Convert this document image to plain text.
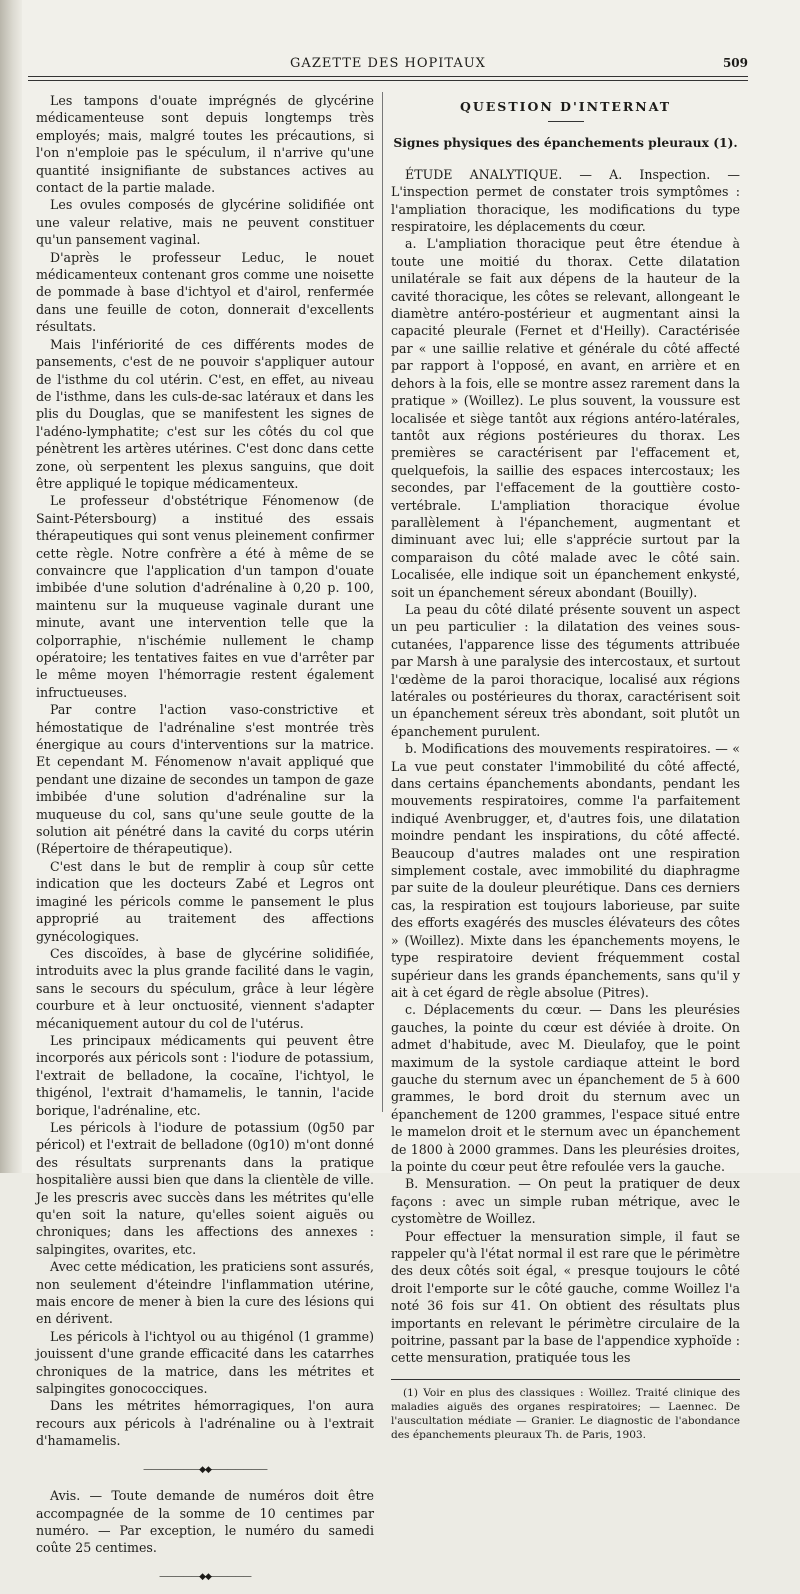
GAZETTE DES HOPITAUX	509

Les tampons d'ouate imprégnés de glycérine médicamenteuse sont depuis longtemps très employés; mais, malgré toutes les précautions, si l'on n'emploie pas le spéculum, il n'arrive qu'une quantité insignifiante de substances actives au contact de la partie malade.

Les ovules composés de glycérine solidifiée ont une valeur relative, mais ne peuvent constituer qu'un pansement vaginal.

D'après le professeur Leduc, le nouet médicamenteux contenant gros comme une noisette de pommade à base d'ichtyol et d'airol, renfermée dans une feuille de coton, donnerait d'excellents résultats.

Mais l'infériorité de ces différents modes de pansements, c'est de ne pouvoir s'appliquer autour de l'isthme du col utérin. C'est, en effet, au niveau de l'isthme, dans les culs-de-sac latéraux et dans les plis du Douglas, que se manifestent les signes de l'adéno-lymphatite; c'est sur les côtés du col que pénètrent les artères utérines. C'est donc dans cette zone, où serpentent les plexus sanguins, que doit être appliqué le topique médicamenteux.

Le professeur d'obstétrique Fénomenow (de Saint-Pétersbourg) a institué des essais thérapeutiques qui sont venus pleinement confirmer cette règle. Notre confrère a été à même de se convaincre que l'application d'un tampon d'ouate imbibée d'une solution d'adrénaline à 0,20 p. 100, maintenu sur la muqueuse vaginale durant une minute, avant une intervention telle que la colporraphie, n'ischémie nullement le champ opératoire; les tentatives faites en vue d'arrêter par le même moyen l'hémorragie restent également infructueuses.

Par contre l'action vaso-constrictive et hémostatique de l'adrénaline s'est montrée très énergique au cours d'interventions sur la matrice. Et cependant M. Fénomenow n'avait appliqué que pendant une dizaine de secondes un tampon de gaze imbibée d'une solution d'adrénaline sur la muqueuse du col, sans qu'une seule goutte de la solution ait pénétré dans la cavité du corps utérin (Répertoire de thérapeutique).

C'est dans le but de remplir à coup sûr cette indication que les docteurs Zabé et Legros ont imaginé les péricols comme le pansement le plus approprié au traitement des affections gynécologiques.

Ces discoïdes, à base de glycérine solidifiée, introduits avec la plus grande facilité dans le vagin, sans le secours du spéculum, grâce à leur légère courbure et à leur onctuosité, viennent s'adapter mécaniquement autour du col de l'utérus.

Les principaux médicaments qui peuvent être incorporés aux péricols sont : l'iodure de potassium, l'extrait de belladone, la cocaïne, l'ichtyol, le thigénol, l'extrait d'hamamelis, le tannin, l'acide borique, l'adrénaline, etc.

Les péricols à l'iodure de potassium (0g50 par péricol) et l'extrait de belladone (0g10) m'ont donné des résultats surprenants dans la pratique hospitalière aussi bien que dans la clientèle de ville. Je les prescris avec succès dans les métrites qu'elle qu'en soit la nature, qu'elles soient aiguës ou chroniques; dans les affections des annexes : salpingites, ovarites, etc.

Avec cette médication, les praticiens sont assurés, non seulement d'éteindre l'inflammation utérine, mais encore de mener à bien la cure des lésions qui en dérivent.

Les péricols à l'ichtyol ou au thigénol (1 gramme) jouissent d'une grande efficacité dans les catarrhes chroniques de la matrice, dans les métrites et salpingites gonococciques.

Dans les métrites hémorragiques, l'on aura recours aux péricols à l'adrénaline ou à l'extrait d'hamamelis.

———————◆◆———————

Avis. — Toute demande de numéros doit être accompagnée de la somme de 10 centimes par numéro. — Par exception, le numéro du samedi coûte 25 centimes.

—————◆◆—————
QUESTION D'INTERNAT
Signes physiques des épanchements pleuraux (1).

ÉTUDE ANALYTIQUE. — A. Inspection. — L'inspection permet de constater trois symptômes : l'ampliation thoracique, les modifications du type respiratoire, les déplacements du cœur.

a. L'ampliation thoracique peut être étendue à toute une moitié du thorax. Cette dilatation unilatérale se fait aux dépens de la hauteur de la cavité thoracique, les côtes se relevant, allongeant le diamètre antéro-postérieur et augmentant ainsi la capacité pleurale (Fernet et d'Heilly). Caractérisée par « une saillie relative et générale du côté affecté par rapport à l'opposé, en avant, en arrière et en dehors à la fois, elle se montre assez rarement dans la pratique » (Woillez). Le plus souvent, la voussure est localisée et siège tantôt aux régions antéro-latérales, tantôt aux régions postérieures du thorax. Les premières se caractérisent par l'effacement et, quelquefois, la saillie des espaces intercostaux; les secondes, par l'effacement de la gouttière costo-vertébrale. L'ampliation thoracique évolue parallèlement à l'épanchement, augmentant et diminuant avec lui; elle s'apprécie surtout par la comparaison du côté malade avec le côté sain. Localisée, elle indique soit un épanchement enkysté, soit un épanchement séreux abondant (Bouilly).

La peau du côté dilaté présente souvent un aspect un peu particulier : la dilatation des veines sous-cutanées, l'apparence lisse des téguments attribuée par Marsh à une paralysie des intercostaux, et surtout l'œdème de la paroi thoracique, localisé aux régions latérales ou postérieures du thorax, caractérisent soit un épanchement séreux très abondant, soit plutôt un épanchement purulent.

b. Modifications des mouvements respiratoires. — « La vue peut constater l'immobilité du côté affecté, dans certains épanchements abondants, pendant les mouvements respiratoires, comme l'a parfaitement indiqué Avenbrugger, et, d'autres fois, une dilatation moindre pendant les inspirations, du côté affecté. Beaucoup d'autres malades ont une respiration simplement costale, avec immobilité du diaphragme par suite de la douleur pleurétique. Dans ces derniers cas, la respiration est toujours laborieuse, par suite des efforts exagérés des muscles élévateurs des côtes » (Woillez). Mixte dans les épanchements moyens, le type respiratoire devient fréquemment costal supérieur dans les grands épanchements, sans qu'il y ait à cet égard de règle absolue (Pitres).

c. Déplacements du cœur. — Dans les pleurésies gauches, la pointe du cœur est déviée à droite. On admet d'habitude, avec M. Dieulafoy, que le point maximum de la systole cardiaque atteint le bord gauche du sternum avec un épanchement de 5 à 600 grammes, le bord droit du sternum avec un épanchement de 1200 grammes, l'espace situé entre le mamelon droit et le sternum avec un épanchement de 1800 à 2000 grammes. Dans les pleurésies droites, la pointe du cœur peut être refoulée vers la gauche.

B. Mensuration. — On peut la pratiquer de deux façons : avec un simple ruban métrique, avec le cystomètre de Woillez.

Pour effectuer la mensuration simple, il faut se rappeler qu'à l'état normal il est rare que le périmètre des deux côtés soit égal, « presque toujours le côté droit l'emporte sur le côté gauche, comme Woillez l'a noté 36 fois sur 41. On obtient des résultats plus importants en relevant le périmètre circulaire de la poitrine, passant par la base de l'appendice xyphoïde : cette mensuration, pratiquée tous les

(1) Voir en plus des classiques : Woillez. Traité clinique des maladies aiguës des organes respiratoires; — Laennec. De l'auscultation médiate — Granier. Le diagnostic de l'abondance des épanchements pleuraux Th. de Paris, 1903.
